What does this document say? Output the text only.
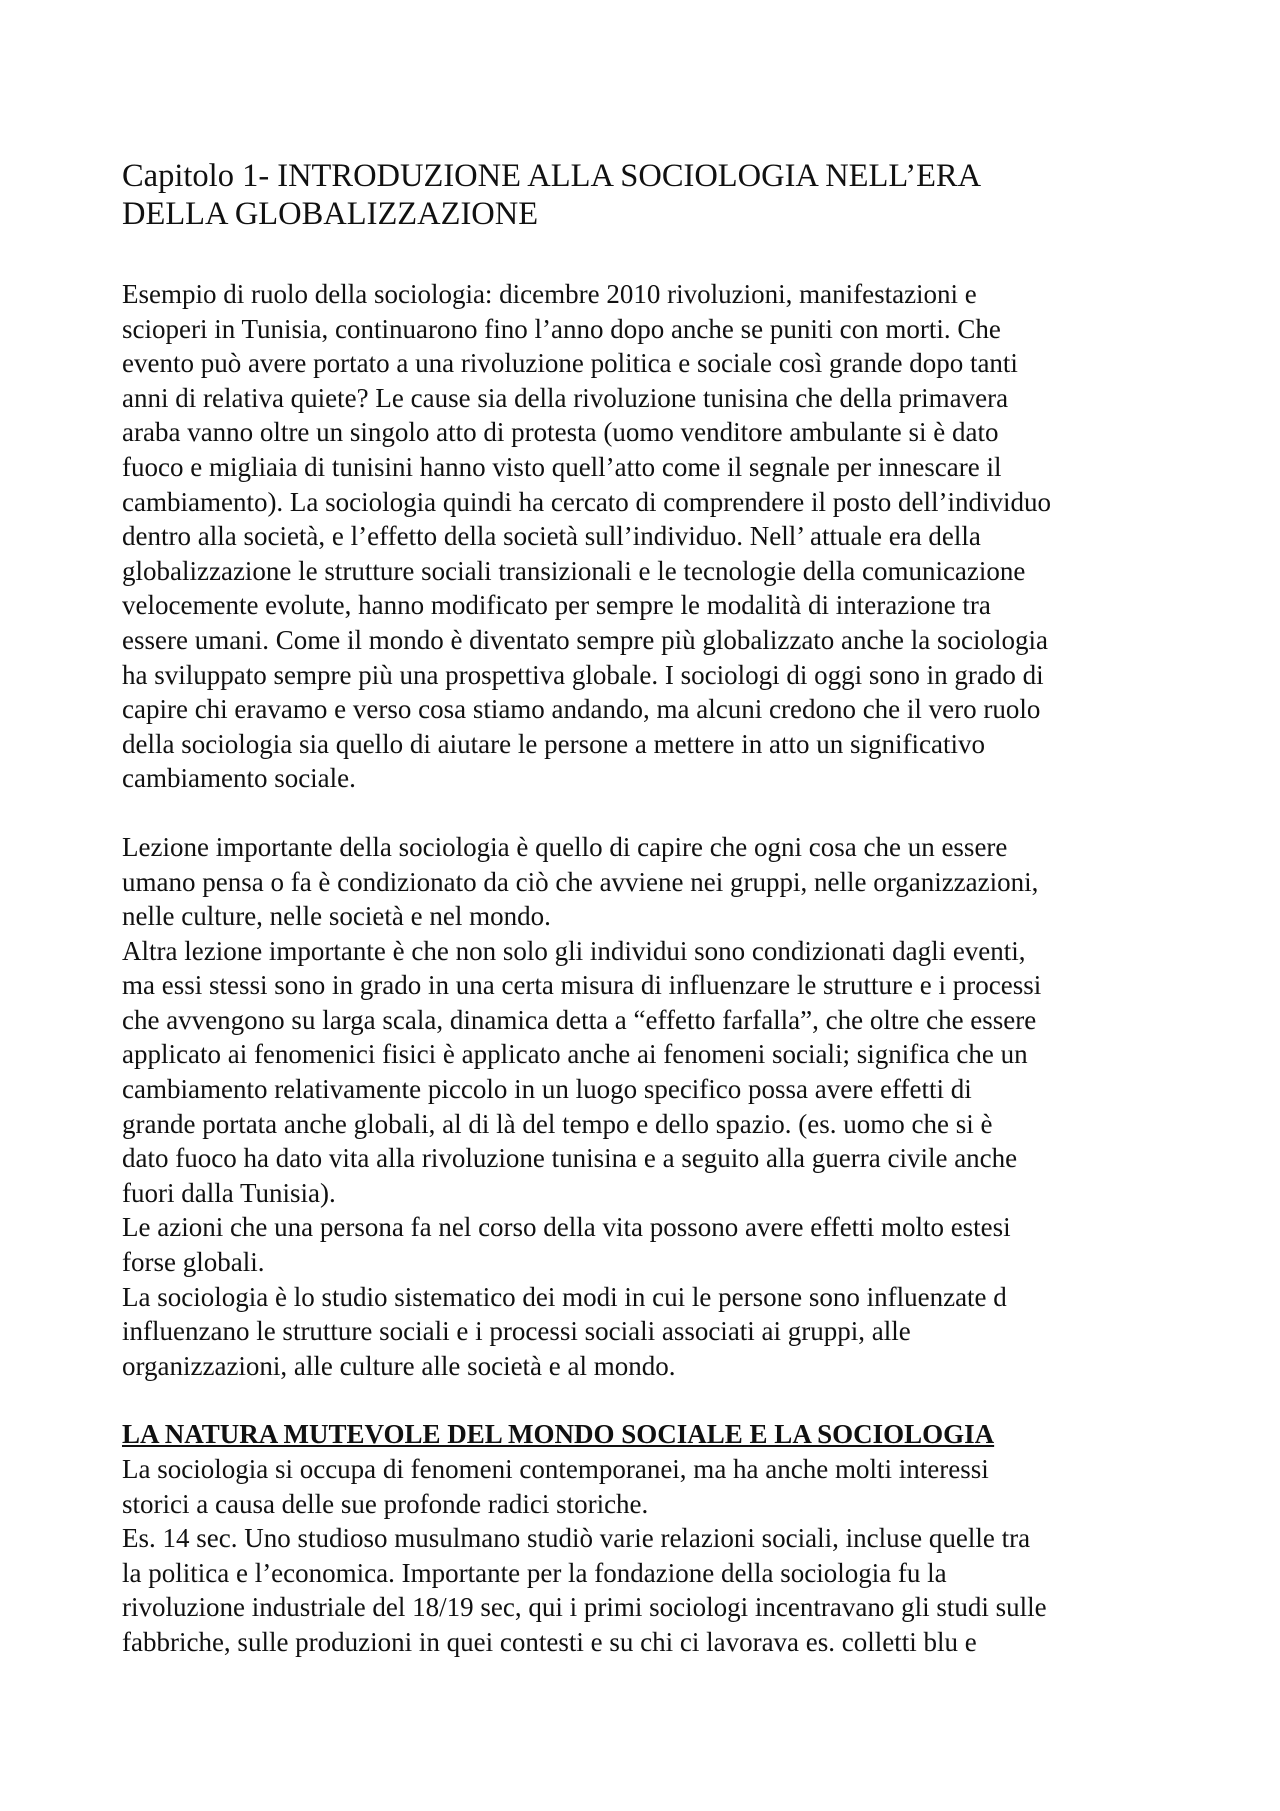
Capitolo 1- INTRODUZIONE ALLA SOCIOLOGIA NELL’ERA
DELLA GLOBALIZZAZIONE

Esempio di ruolo della sociologia: dicembre 2010 rivoluzioni, manifestazioni e
scioperi in Tunisia, continuarono fino l’anno dopo anche se puniti con morti. Che
evento può avere portato a una rivoluzione politica e sociale così grande dopo tanti
anni di relativa quiete? Le cause sia della rivoluzione tunisina che della primavera
araba vanno oltre un singolo atto di protesta (uomo venditore ambulante si è dato
fuoco e migliaia di tunisini hanno visto quell’atto come il segnale per innescare il
cambiamento). La sociologia quindi ha cercato di comprendere il posto dell’individuo
dentro alla società, e l’effetto della società sull’individuo. Nell’ attuale era della
globalizzazione le strutture sociali transizionali e le tecnologie della comunicazione
velocemente evolute, hanno modificato per sempre le modalità di interazione tra
essere umani. Come il mondo è diventato sempre più globalizzato anche la sociologia
ha sviluppato sempre più una prospettiva globale. I sociologi di oggi sono in grado di
capire chi eravamo e verso cosa stiamo andando, ma alcuni credono che il vero ruolo
della sociologia sia quello di aiutare le persone a mettere in atto un significativo
cambiamento sociale.

Lezione importante della sociologia è quello di capire che ogni cosa che un essere
umano pensa o fa è condizionato da ciò che avviene nei gruppi, nelle organizzazioni,
nelle culture, nelle società e nel mondo.
Altra lezione importante è che non solo gli individui sono condizionati dagli eventi,
ma essi stessi sono in grado in una certa misura di influenzare le strutture e i processi
che avvengono su larga scala, dinamica detta a “effetto farfalla”, che oltre che essere
applicato ai fenomenici fisici è applicato anche ai fenomeni sociali; significa che un
cambiamento relativamente piccolo in un luogo specifico possa avere effetti di
grande portata anche globali, al di là del tempo e dello spazio. (es. uomo che si è
dato fuoco ha dato vita alla rivoluzione tunisina e a seguito alla guerra civile anche
fuori dalla Tunisia).
Le azioni che una persona fa nel corso della vita possono avere effetti molto estesi
forse globali.
La sociologia è lo studio sistematico dei modi in cui le persone sono influenzate d
influenzano le strutture sociali e i processi sociali associati ai gruppi, alle
organizzazioni, alle culture alle società e al mondo.

LA NATURA MUTEVOLE DEL MONDO SOCIALE E LA SOCIOLOGIA

La sociologia si occupa di fenomeni contemporanei, ma ha anche molti interessi
storici a causa delle sue profonde radici storiche.
Es. 14 sec. Uno studioso musulmano studiò varie relazioni sociali, incluse quelle tra
la politica e l’economica. Importante per la fondazione della sociologia fu la
rivoluzione industriale del 18/19 sec, qui i primi sociologi incentravano gli studi sulle
fabbriche, sulle produzioni in quei contesti e su chi ci lavorava es. colletti blu e
